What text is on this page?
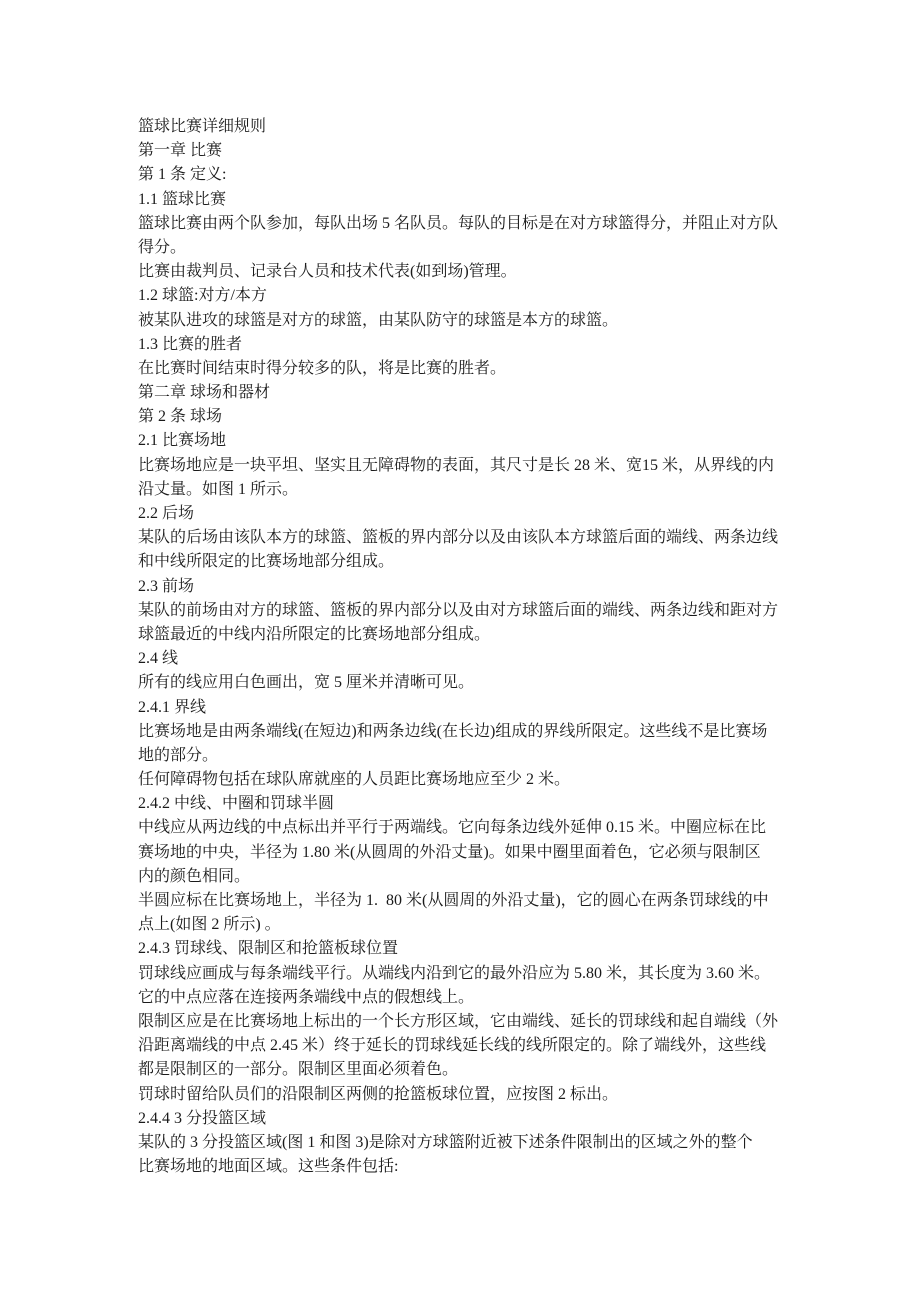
篮球比赛详细规则
第一章 比赛
第 1 条 定义:
1.1 篮球比赛
篮球比赛由两个队参加，每队出场 5 名队员。每队的目标是在对方球篮得分，并阻止对方队
得分。
比赛由裁判员、记录台人员和技术代表(如到场)管理。
1.2 球篮:对方/本方
被某队进攻的球篮是对方的球篮，由某队防守的球篮是本方的球篮。
1.3 比赛的胜者
在比赛时间结束时得分较多的队，将是比赛的胜者。
第二章 球场和器材
第 2 条 球场
2.1 比赛场地
比赛场地应是一块平坦、坚实且无障碍物的表面，其尺寸是长 28 米、宽15 米，从界线的内
沿丈量。如图 1 所示。
2.2 后场
某队的后场由该队本方的球篮、篮板的界内部分以及由该队本方球篮后面的端线、两条边线
和中线所限定的比赛场地部分组成。
2.3 前场
某队的前场由对方的球篮、篮板的界内部分以及由对方球篮后面的端线、两条边线和距对方
球篮最近的中线内沿所限定的比赛场地部分组成。
2.4 线
所有的线应用白色画出，宽 5 厘米并清晰可见。
2.4.1 界线
比赛场地是由两条端线(在短边)和两条边线(在长边)组成的界线所限定。这些线不是比赛场
地的部分。
任何障碍物包括在球队席就座的人员距比赛场地应至少 2 米。
2.4.2 中线、中圈和罚球半圆
中线应从两边线的中点标出并平行于两端线。它向每条边线外延伸 0.15 米。中圈应标在比
赛场地的中央，半径为 1.80 米(从圆周的外沿丈量)。如果中圈里面着色，它必须与限制区
内的颜色相同。
半圆应标在比赛场地上，半径为 1.  80 米(从圆周的外沿丈量)，它的圆心在两条罚球线的中
点上(如图 2 所示) 。
2.4.3 罚球线、限制区和抢篮板球位置
罚球线应画成与每条端线平行。从端线内沿到它的最外沿应为 5.80 米，其长度为 3.60 米。
它的中点应落在连接两条端线中点的假想线上。
限制区应是在比赛场地上标出的一个长方形区域，它由端线、延长的罚球线和起自端线（外
沿距离端线的中点 2.45 米）终于延长的罚球线延长线的线所限定的。除了端线外，这些线
都是限制区的一部分。限制区里面必须着色。
罚球时留给队员们的沿限制区两侧的抢篮板球位置，应按图 2 标出。
2.4.4 3 分投篮区域
某队的 3 分投篮区域(图 1 和图 3)是除对方球篮附近被下述条件限制出的区域之外的整个
比赛场地的地面区域。这些条件包括:
